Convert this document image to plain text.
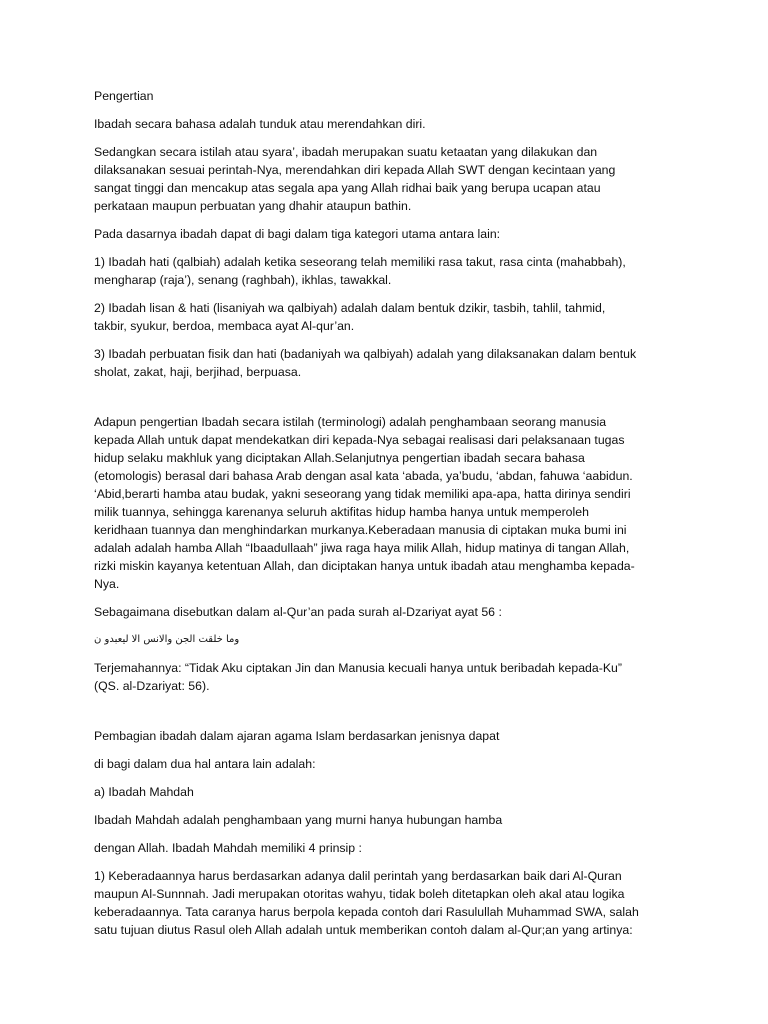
Pengertian
Ibadah secara bahasa adalah tunduk atau merendahkan diri.
Sedangkan secara istilah atau syara’, ibadah merupakan suatu ketaatan yang dilakukan dan
dilaksanakan sesuai perintah-Nya, merendahkan diri kepada Allah SWT dengan kecintaan yang
sangat tinggi dan mencakup atas segala apa yang Allah ridhai baik yang berupa ucapan atau
perkataan maupun perbuatan yang dhahir ataupun bathin.
Pada dasarnya ibadah dapat di bagi dalam tiga kategori utama antara lain:
1) Ibadah hati (qalbiah) adalah ketika seseorang telah memiliki rasa takut, rasa cinta (mahabbah),
mengharap (raja’), senang (raghbah), ikhlas, tawakkal.
2) Ibadah lisan & hati (lisaniyah wa qalbiyah) adalah dalam bentuk dzikir, tasbih, tahlil, tahmid,
takbir, syukur, berdoa, membaca ayat Al-qur’an.
3) Ibadah perbuatan fisik dan hati (badaniyah wa qalbiyah) adalah yang dilaksanakan dalam bentuk
sholat, zakat, haji, berjihad, berpuasa.
Adapun pengertian Ibadah secara istilah (terminologi) adalah penghambaan seorang manusia
kepada Allah untuk dapat mendekatkan diri kepada-Nya sebagai realisasi dari pelaksanaan tugas
hidup selaku makhluk yang diciptakan Allah.Selanjutnya pengertian ibadah secara bahasa
(etomologis) berasal dari bahasa Arab dengan asal kata ‘abada, ya’budu, ‘abdan, fahuwa ‘aabidun.
‘Abid,berarti hamba atau budak, yakni seseorang yang tidak memiliki apa-apa, hatta dirinya sendiri
milik tuannya, sehingga karenanya seluruh aktifitas hidup hamba hanya untuk memperoleh
keridhaan tuannya dan menghindarkan murkanya.Keberadaan manusia di ciptakan muka bumi ini
adalah adalah hamba Allah “Ibaadullaah” jiwa raga haya milik Allah, hidup matinya di tangan Allah,
rizki miskin kayanya ketentuan Allah, dan diciptakan hanya untuk ibadah atau menghamba kepada-
Nya.
Sebagaimana disebutkan dalam al-Qur’an pada surah al-Dzariyat ayat 56 :
وما خلقت الجن والانس الا ليعبدو ن
Terjemahannya: “Tidak Aku ciptakan Jin dan Manusia kecuali hanya untuk beribadah kepada-Ku”
(QS. al-Dzariyat: 56).
Pembagian ibadah dalam ajaran agama Islam berdasarkan jenisnya dapat
di bagi dalam dua hal antara lain adalah:
a) Ibadah Mahdah
Ibadah Mahdah adalah penghambaan yang murni hanya hubungan hamba
dengan Allah. Ibadah Mahdah memiliki 4 prinsip :
1) Keberadaannya harus berdasarkan adanya dalil perintah yang berdasarkan baik dari Al-Quran
maupun Al-Sunnnah. Jadi merupakan otoritas wahyu, tidak boleh ditetapkan oleh akal atau logika
keberadaannya. Tata caranya harus berpola kepada contoh dari Rasulullah Muhammad SWA, salah
satu tujuan diutus Rasul oleh Allah adalah untuk memberikan contoh dalam al-Qur;an yang artinya:
